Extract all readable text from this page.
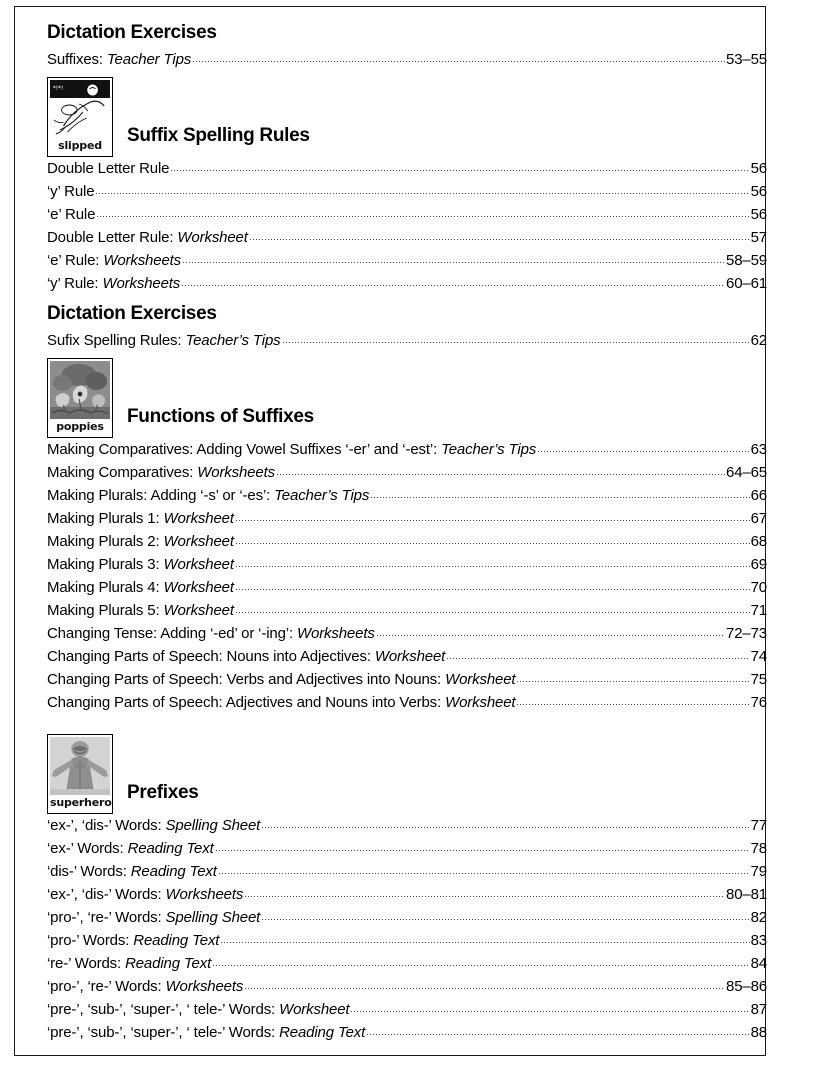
Dictation Exercises
Suffixes: Teacher Tips	53–55
*!*!
slipped	Suffix Spelling Rules
Double Letter Rule	56
‘y’ Rule	56
‘e’ Rule	56
Double Letter Rule: Worksheet	57
‘e’ Rule: Worksheets	58–59
‘y’ Rule: Worksheets	60–61
Dictation Exercises
Sufix Spelling Rules: Teacher’s Tips	62
poppies	Functions of Suffixes
Making Comparatives: Adding Vowel Suffixes ‘-er’ and ‘-est’: Teacher’s Tips	63
Making Comparatives: Worksheets	64–65
Making Plurals: Adding ‘-s’ or ‘-es’: Teacher’s Tips	66
Making Plurals 1: Worksheet	67
Making Plurals 2: Worksheet	68
Making Plurals 3: Worksheet	69
Making Plurals 4: Worksheet	70
Making Plurals 5: Worksheet	71
Changing Tense: Adding ‘-ed’ or ‘-ing’: Worksheets	72–73
Changing Parts of Speech: Nouns into Adjectives: Worksheet	74
Changing Parts of Speech: Verbs and Adjectives into Nouns: Worksheet	75
Changing Parts of Speech: Adjectives and Nouns into Verbs: Worksheet	76
superhero Prefixes
‘ex-’, ‘dis-’ Words: Spelling Sheet	77
‘ex-’ Words: Reading Text	78
‘dis-’ Words: Reading Text	79
‘ex-’, ‘dis-’ Words: Worksheets	80–81
‘pro-’, ‘re-’ Words: Spelling Sheet	82
‘pro-’ Words: Reading Text	83
‘re-’ Words: Reading Text	84
‘pro-’, ‘re-’ Words: Worksheets	85–86
‘pre-’, ‘sub-’, ‘super-’, ‘ tele-’ Words: Worksheet	87
‘pre-’, ‘sub-’, ‘super-’, ‘ tele-’ Words: Reading Text	88
